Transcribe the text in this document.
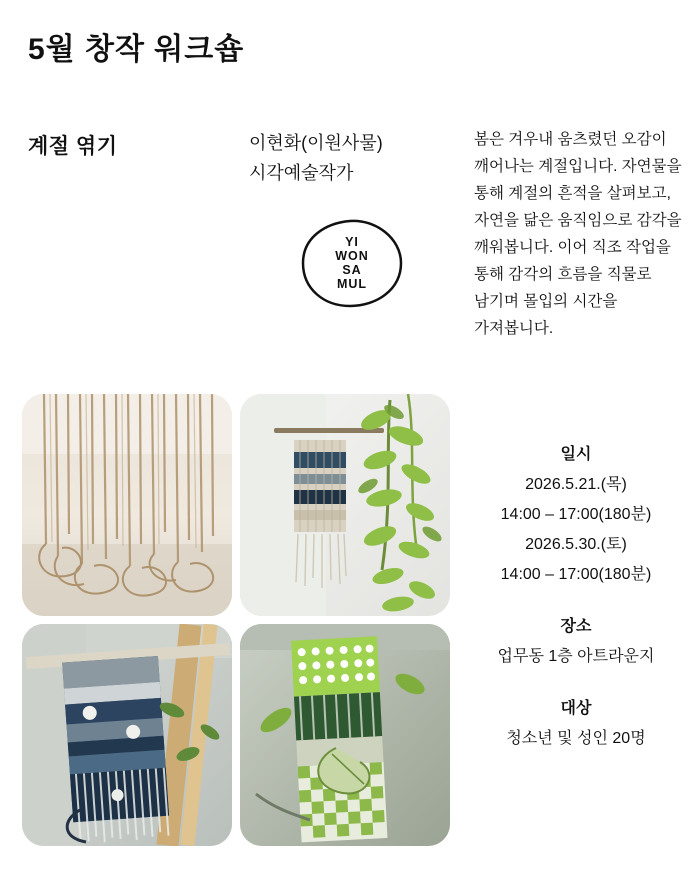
5월 창작 워크숍
계절 엮기	이현화(이원사물)
시각예술작가
YI
WON
SA
MUL
봄은 겨우내 움츠렸던 오감이 깨어나는 계절입니다. 자연물을 통해 계절의 흔적을 살펴보고, 자연을 닮은 움직임으로 감각을 깨워봅니다. 이어 직조 작업을 통해 감각의 흐름을 직물로 남기며 몰입의 시간을 가져봅니다.
일시
2026.5.21.(목)
14:00 – 17:00(180분)
2026.5.30.(토)
14:00 – 17:00(180분)
장소
업무동 1층 아트라운지
대상
청소년 및 성인 20명
